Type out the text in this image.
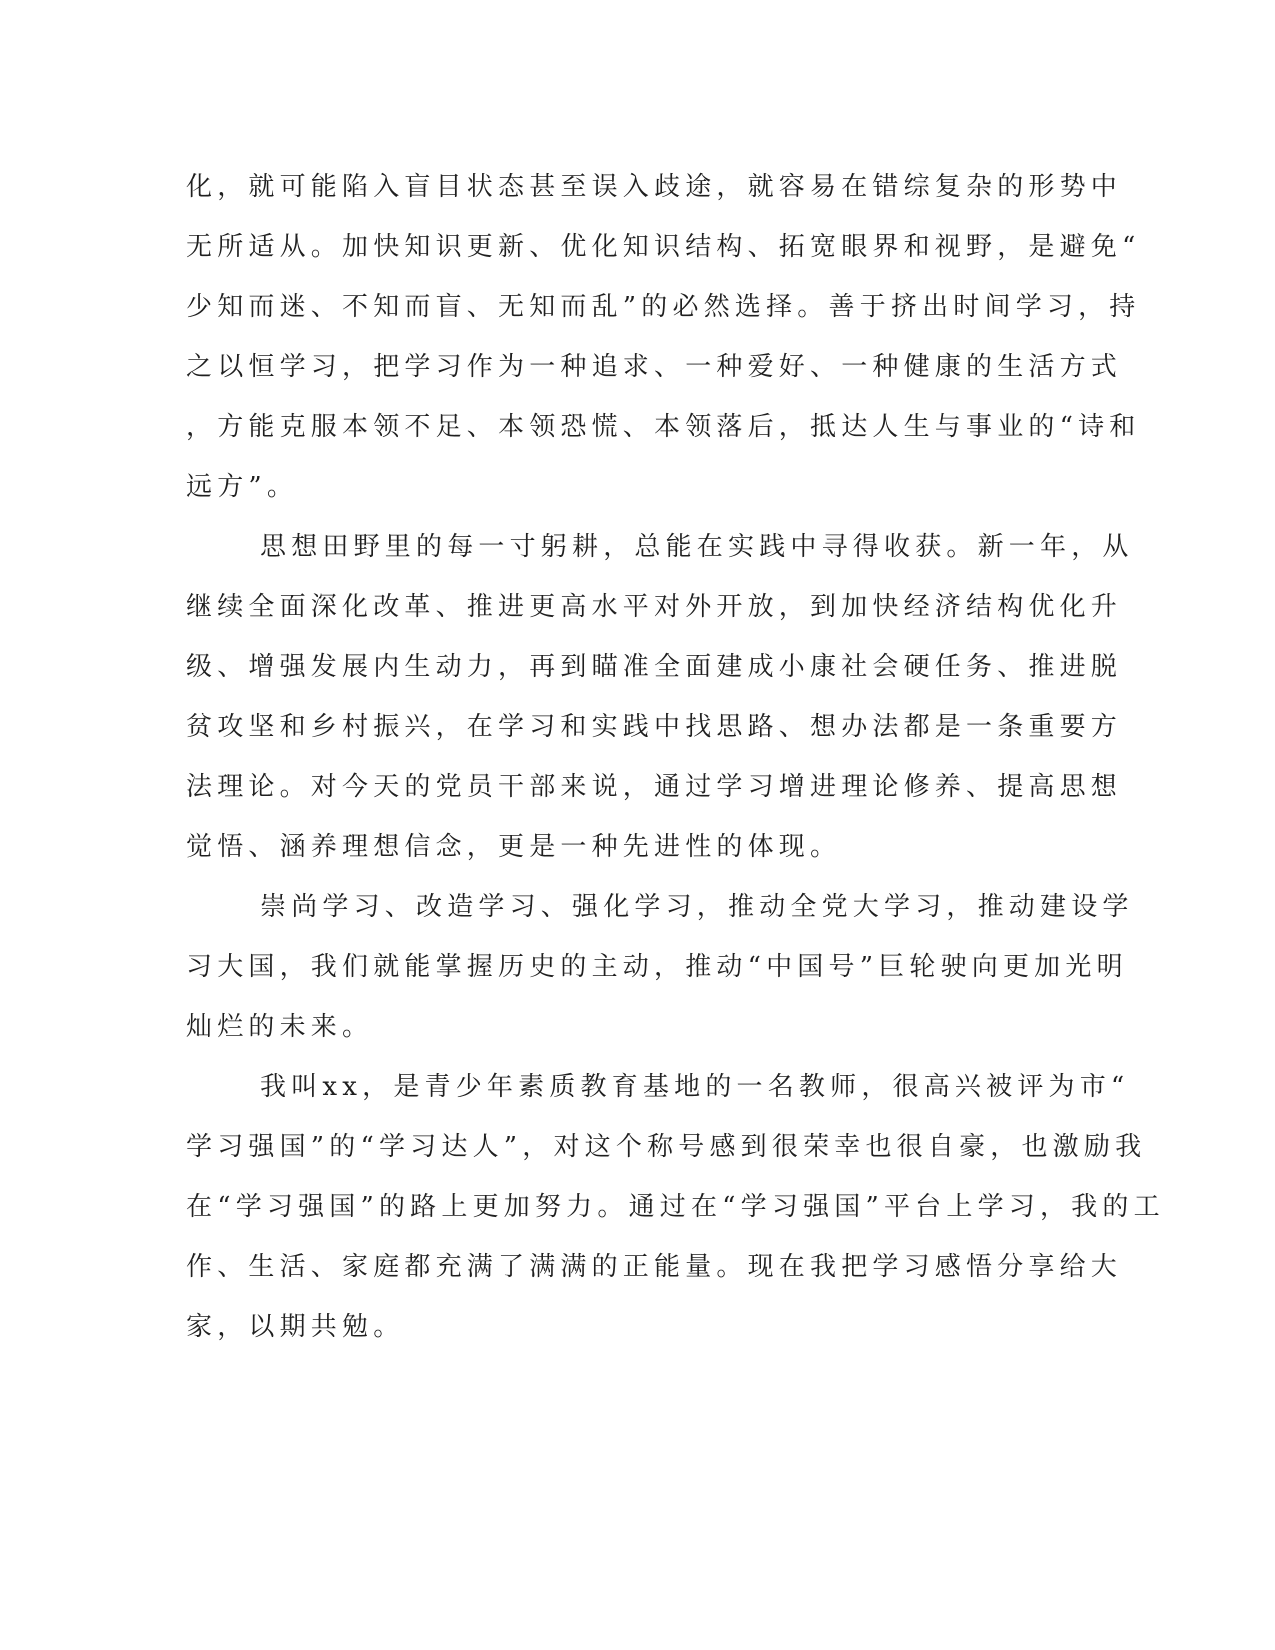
化，就可能陷入盲目状态甚至误入歧途，就容易在错综复杂的形势中
无所适从。加快知识更新、优化知识结构、拓宽眼界和视野，是避免“
少知而迷、不知而盲、无知而乱”的必然选择。善于挤出时间学习，持
之以恒学习，把学习作为一种追求、一种爱好、一种健康的生活方式
，方能克服本领不足、本领恐慌、本领落后，抵达人生与事业的“诗和
远方”。
思想田野里的每一寸躬耕，总能在实践中寻得收获。新一年，从
继续全面深化改革、推进更高水平对外开放，到加快经济结构优化升
级、增强发展内生动力，再到瞄准全面建成小康社会硬任务、推进脱
贫攻坚和乡村振兴，在学习和实践中找思路、想办法都是一条重要方
法理论。对今天的党员干部来说，通过学习增进理论修养、提高思想
觉悟、涵养理想信念，更是一种先进性的体现。
崇尚学习、改造学习、强化学习，推动全党大学习，推动建设学
习大国，我们就能掌握历史的主动，推动“中国号”巨轮驶向更加光明
灿烂的未来。
我叫xx，是青少年素质教育基地的一名教师，很高兴被评为市“
学习强国”的“学习达人”，对这个称号感到很荣幸也很自豪，也激励我
在“学习强国”的路上更加努力。通过在“学习强国”平台上学习，我的工
作、生活、家庭都充满了满满的正能量。现在我把学习感悟分享给大
家，以期共勉。
